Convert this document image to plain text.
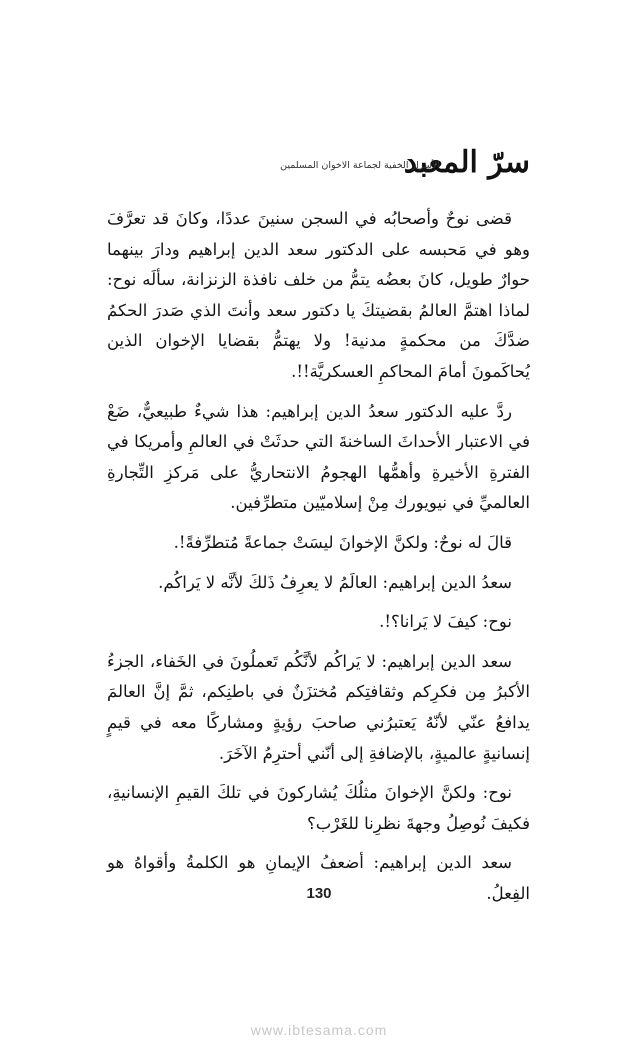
سرّ المعبد
الأسرار الخفية لجماعة الاخوان المسلمين

قضى نوحٌ وأصحابُه في السجن سنينَ عددًا، وكانَ قد تعرَّفَ وهو في مَحبسه على الدكتور سعد الدين إبراهيم ودارَ بينهما حوارٌ طويل، كانَ بعضُه يتمُّ من خلف نافذة الزنزانة، سألَه نوح: لماذا اهتمَّ العالمُ بقضيتكَ يا دكتور سعد وأنتَ الذي صَدرَ الحكمُ ضدَّكَ من محكمةٍ مدنية! ولا يهتمُّ بقضايا الإخوان الذين يُحاكَمونَ أمامَ المحاكمِ العسكريَّة!!.

ردَّ عليه الدكتور سعدُ الدين إبراهيم: هذا شيءٌ طبيعيٌّ، ضَعْ في الاعتبار الأحداثَ الساخنةَ التي حدثَتْ في العالمِ وأمريكا في الفترةِ الأخيرةِ وأهمُّها الهجومُ الانتحاريُّ على مَركزِ التِّجارةِ العالميِّ في نيويورك مِنْ إسلاميّين متطرِّفين.

قالَ له نوحٌ: ولكنَّ الإخوانَ ليسَتْ جماعةً مُتطرِّفةً!.

سعدُ الدين إبراهيم: العالَمُ لا يعرِفُ ذَلكَ لأنَّه لا يَراكُم.

نوح: كيفَ لا يَرانا؟!.

سعد الدين إبراهيم: لا يَراكُم لأنَّكُم تَعملُونَ في الخَفاء، الجزءُ الأكبرُ مِن فكرِكم وثقافتِكم مُختزَنٌ في باطنِكم، ثمَّ إنَّ العالمَ يدافعُ عنّي لأنّهُ يَعتبرُني صاحبَ رؤيةٍ ومشاركًا معه في قيمٍ إنسانيةٍ عالميةٍ، بالإضافةِ إلى أنّني أحترِمُ الآخَرَ.

نوح: ولكنَّ الإخوانَ مثلُكَ يُشاركونَ في تلكَ القيمِ الإنسانيةِ، فكيفَ نُوصِلُ وجهةَ نظرِنا للغَرْب؟

سعد الدين إبراهيم: أضعفُ الإيمانِ هو الكلمةُ وأقواهُ هو الفِعلُ.

130
www.ibtesama.com
